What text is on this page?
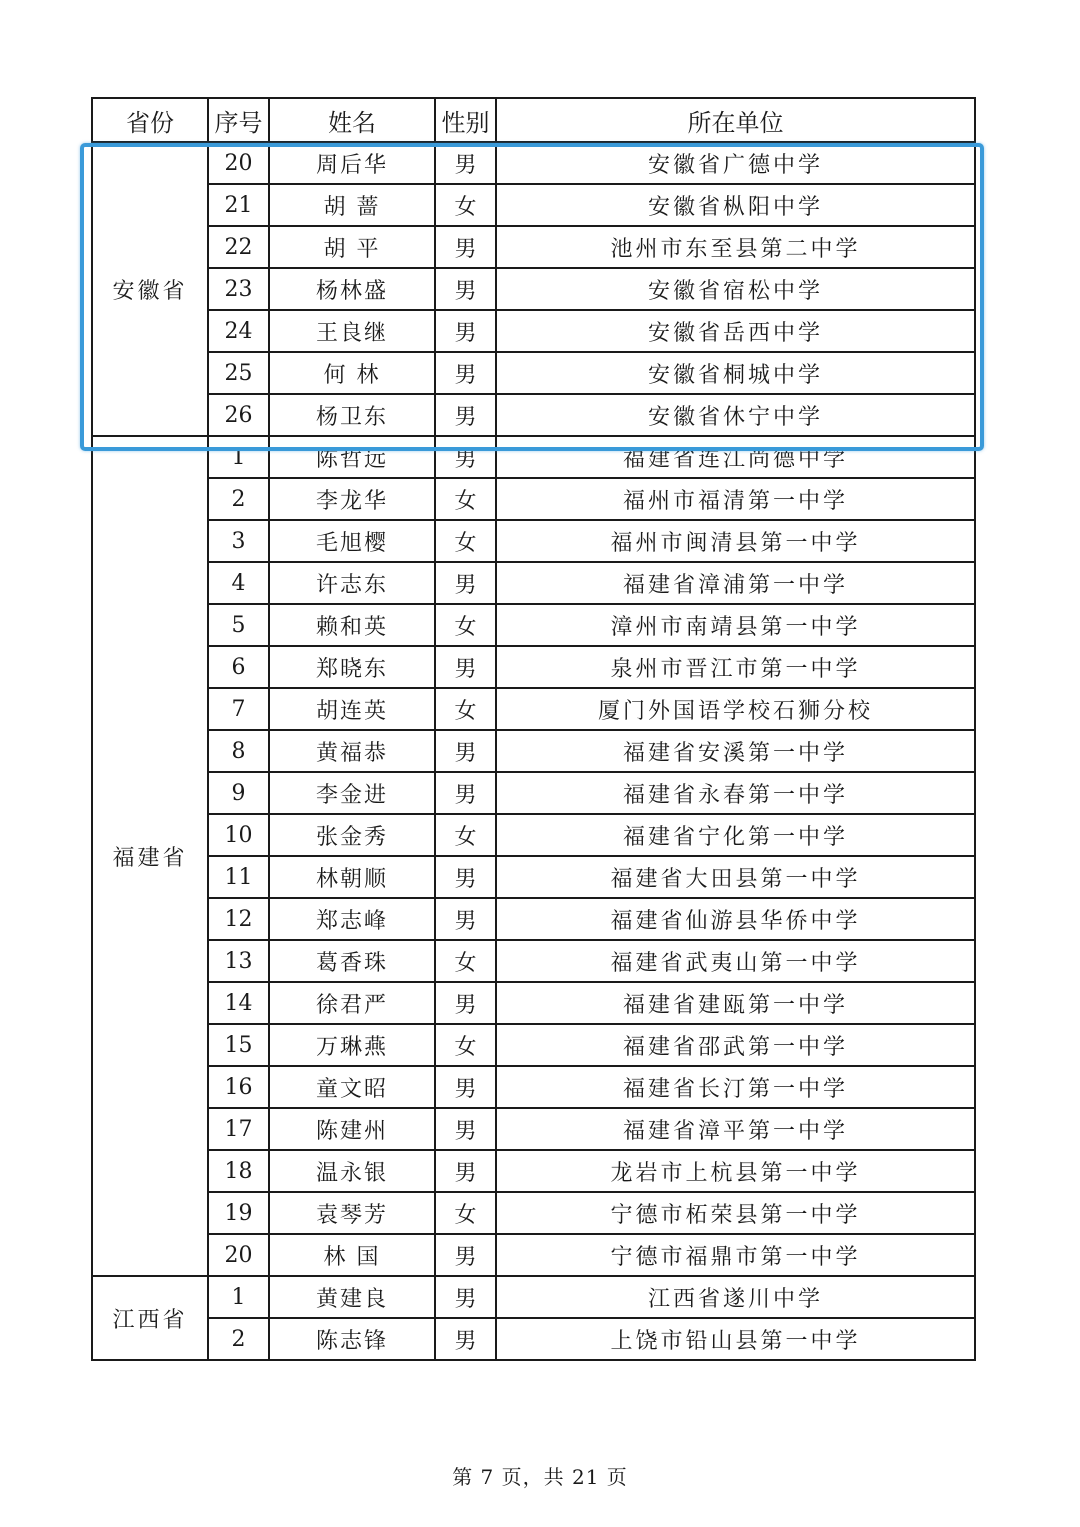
省份	序号	姓名	性别	所在单位
安徽省	20	周后华	男	安徽省广德中学
	21	胡 蔷	女	安徽省枞阳中学
	22	胡 平	男	池州市东至县第二中学
	23	杨林盛	男	安徽省宿松中学
	24	王良继	男	安徽省岳西中学
	25	何 林	男	安徽省桐城中学
	26	杨卫东	男	安徽省休宁中学
福建省	1	陈哲远	男	福建省连江尚德中学
	2	李龙华	女	福州市福清第一中学
	3	毛旭樱	女	福州市闽清县第一中学
	4	许志东	男	福建省漳浦第一中学
	5	赖和英	女	漳州市南靖县第一中学
	6	郑晓东	男	泉州市晋江市第一中学
	7	胡连英	女	厦门外国语学校石狮分校
	8	黄福恭	男	福建省安溪第一中学
	9	李金进	男	福建省永春第一中学
	10	张金秀	女	福建省宁化第一中学
	11	林朝顺	男	福建省大田县第一中学
	12	郑志峰	男	福建省仙游县华侨中学
	13	葛香珠	女	福建省武夷山第一中学
	14	徐君严	男	福建省建瓯第一中学
	15	万琳燕	女	福建省邵武第一中学
	16	童文昭	男	福建省长汀第一中学
	17	陈建州	男	福建省漳平第一中学
	18	温永银	男	龙岩市上杭县第一中学
	19	袁琴芳	女	宁德市柘荣县第一中学
	20	林 国	男	宁德市福鼎市第一中学
江西省	1	黄建良	男	江西省遂川中学
	2	陈志锋	男	上饶市铅山县第一中学
第 7 页，共 21 页
